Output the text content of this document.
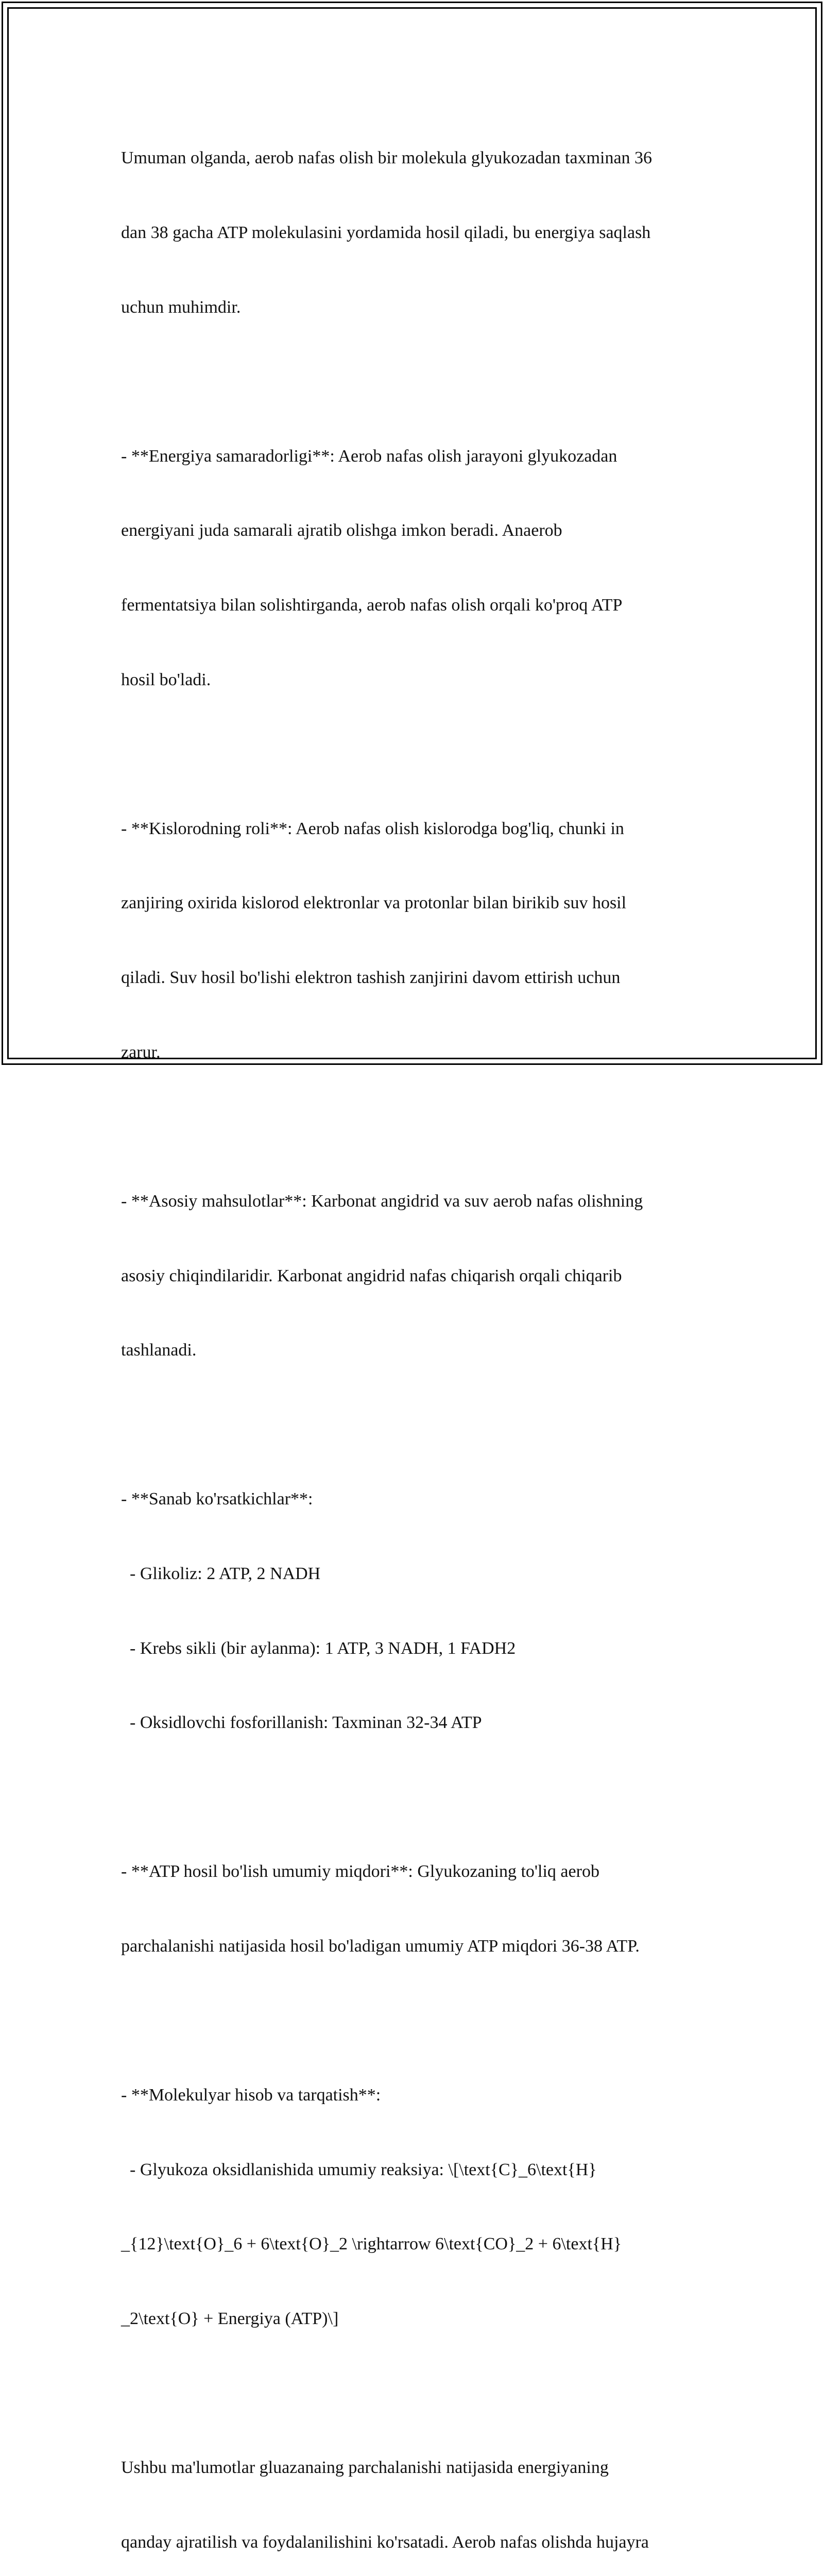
Umuman olganda, aerob nafas olish bir molekula glyukozadan taxminan 36

dan 38 gacha ATP molekulasini yordamida hosil qiladi, bu energiya saqlash

uchun muhimdir.

- **Energiya samaradorligi**: Aerob nafas olish jarayoni glyukozadan

energiyani juda samarali ajratib olishga imkon beradi. Anaerob

fermentatsiya bilan solishtirganda, aerob nafas olish orqali ko'proq ATP

hosil bo'ladi.

- **Kislorodning roli**: Aerob nafas olish kislorodga bog'liq, chunki in

zanjiring oxirida kislorod elektronlar va protonlar bilan birikib suv hosil

qiladi. Suv hosil bo'lishi elektron tashish zanjirini davom ettirish uchun

zarur.

- **Asosiy mahsulotlar**: Karbonat angidrid va suv aerob nafas olishning

asosiy chiqindilaridir. Karbonat angidrid nafas chiqarish orqali chiqarib

tashlanadi.

- **Sanab ko'rsatkichlar**:

- Glikoliz: 2 ATP, 2 NADH

- Krebs sikli (bir aylanma): 1 ATP, 3 NADH, 1 FADH2

- Oksidlovchi fosforillanish: Taxminan 32-34 ATP

- **ATP hosil bo'lish umumiy miqdori**: Glyukozaning to'liq aerob

parchalanishi natijasida hosil bo'ladigan umumiy ATP miqdori 36-38 ATP.

- **Molekulyar hisob va tarqatish**:

- Glyukoza oksidlanishida umumiy reaksiya: \[\text{C}_6\text{H}

_{12}\text{O}_6 + 6\text{O}_2 \rightarrow 6\text{CO}_2 + 6\text{H}

_2\text{O} + Energiya (ATP)\]

Ushbu ma'lumotlar gluazanaing parchalanishi natijasida energiyaning

qanday ajratilish va foydalanilishini ko'rsatadi. Aerob nafas olishda hujayra
